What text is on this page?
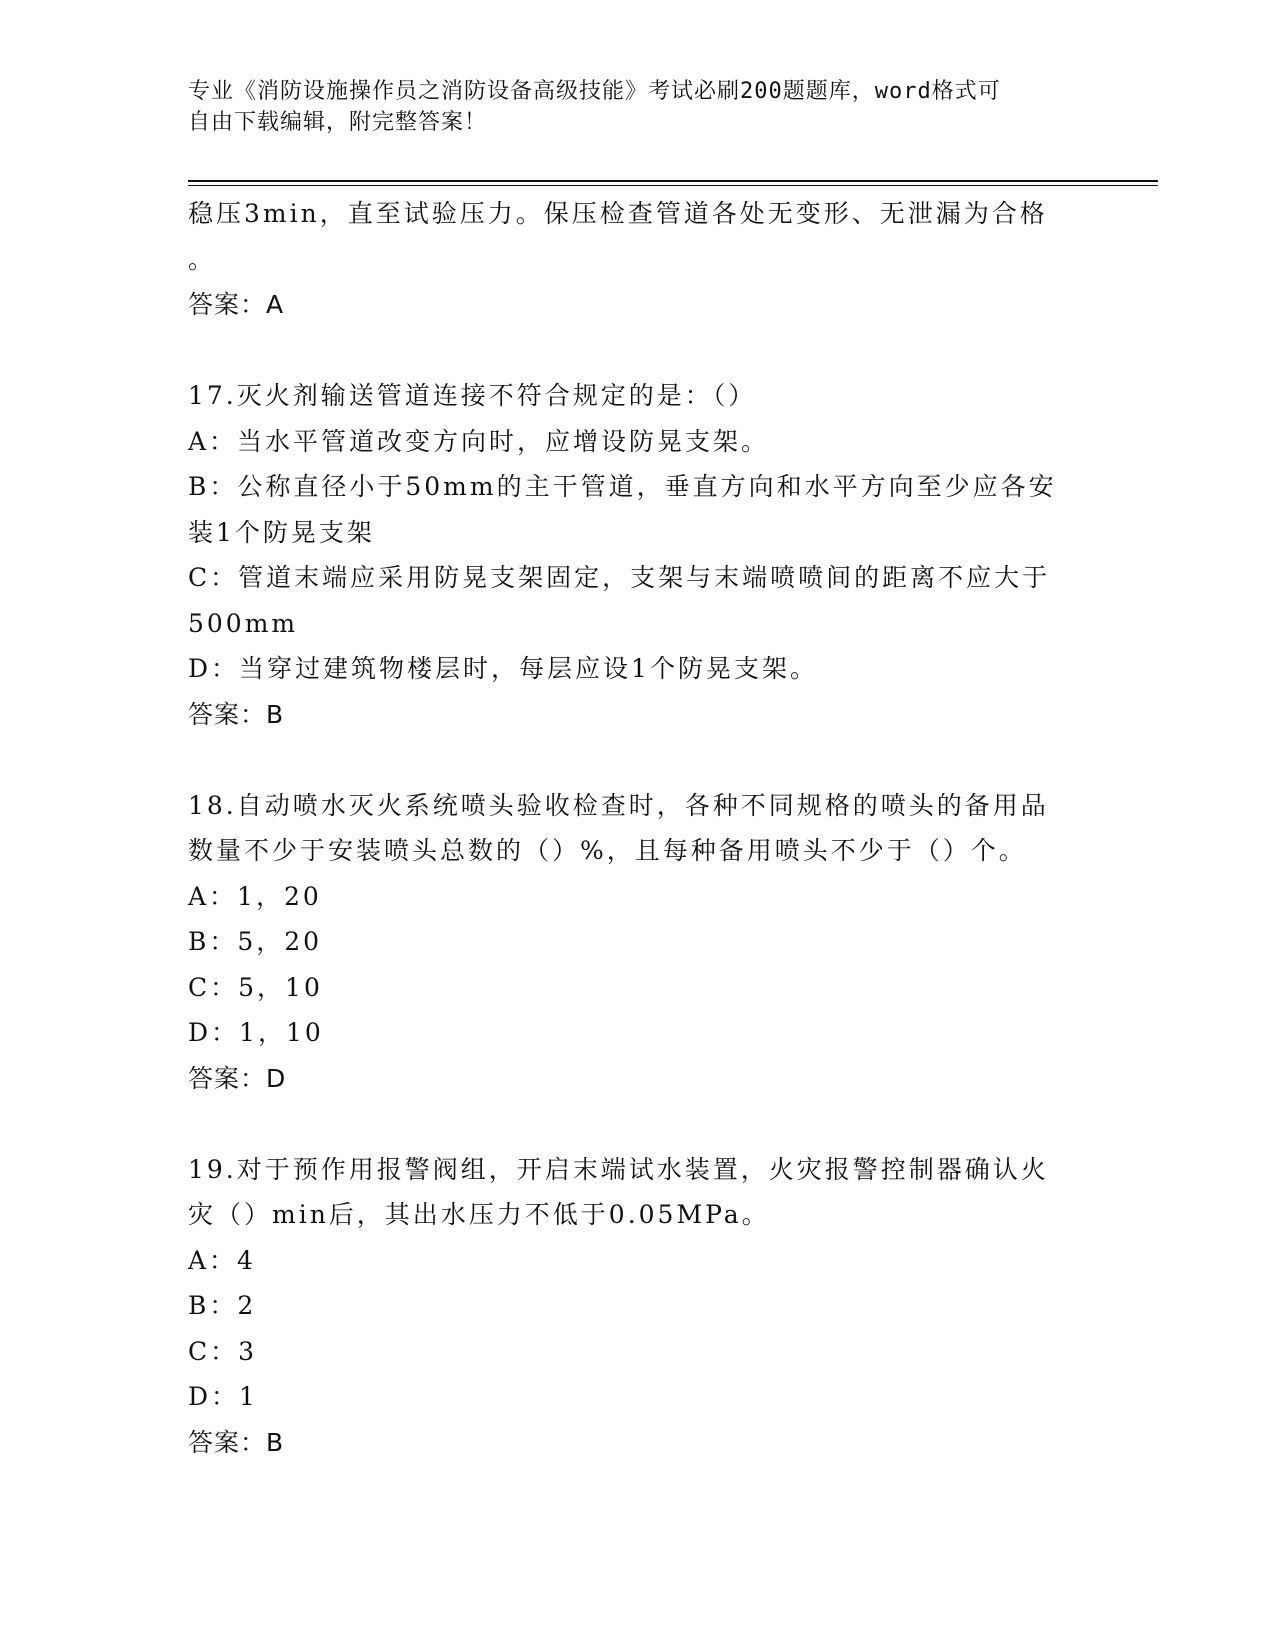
专业《消防设施操作员之消防设备高级技能》考试必刷200题题库，word格式可
自由下载编辑，附完整答案！
稳压3min，直至试验压力。保压检查管道各处无变形、无泄漏为合格
。
答案：A
17.灭火剂输送管道连接不符合规定的是：（）
A：当水平管道改变方向时，应增设防晃支架。
B：公称直径小于50mm的主干管道，垂直方向和水平方向至少应各安
装1个防晃支架
C：管道末端应采用防晃支架固定，支架与末端喷喷间的距离不应大于
500mm
D：当穿过建筑物楼层时，每层应设1个防晃支架。
答案：B
18.自动喷水灭火系统喷头验收检查时，各种不同规格的喷头的备用品
数量不少于安装喷头总数的（）%，且每种备用喷头不少于（）个。
A：1，20
B：5，20
C：5，10
D：1，10
答案：D
19.对于预作用报警阀组，开启末端试水装置，火灾报警控制器确认火
灾（）min后，其出水压力不低于0.05MPa。
A：4
B：2
C：3
D：1
答案：B
